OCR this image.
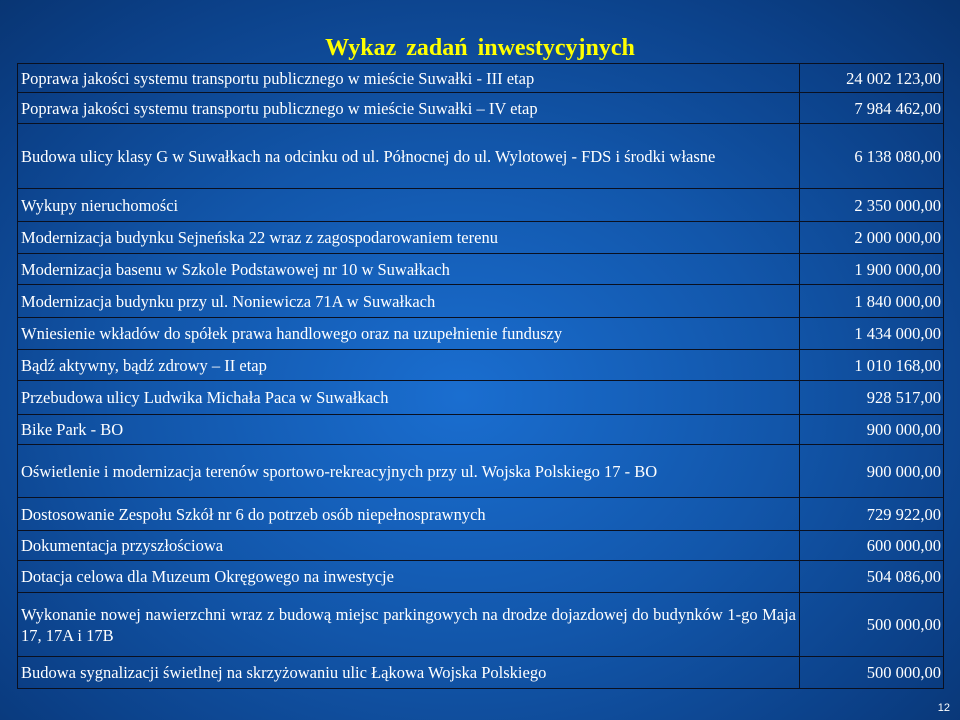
Wykaz zadań inwestycyjnych
Poprawa jakości systemu transportu publicznego w mieście Suwałki - III etap	24 002 123,00
Poprawa jakości systemu transportu publicznego w mieście Suwałki – IV etap	7 984 462,00
Budowa ulicy klasy G w Suwałkach na odcinku od ul. Północnej do ul. Wylotowej - FDS i środki własne	6 138 080,00
Wykupy nieruchomości	2 350 000,00
Modernizacja budynku Sejneńska 22 wraz z zagospodarowaniem terenu	2 000 000,00
Modernizacja basenu w Szkole Podstawowej nr 10 w Suwałkach	1 900 000,00
Modernizacja budynku przy ul. Noniewicza 71A w Suwałkach	1 840 000,00
Wniesienie wkładów do spółek prawa handlowego oraz na uzupełnienie funduszy	1 434 000,00
Bądź aktywny, bądź zdrowy – II etap	1 010 168,00
Przebudowa ulicy Ludwika Michała Paca w Suwałkach	928 517,00
Bike Park - BO	900 000,00
Oświetlenie i modernizacja terenów sportowo-rekreacyjnych przy ul. Wojska Polskiego 17 - BO	900 000,00
Dostosowanie Zespołu Szkół nr 6 do potrzeb osób niepełnosprawnych	729 922,00
Dokumentacja przyszłościowa	600 000,00
Dotacja celowa dla Muzeum Okręgowego na inwestycje	504 086,00
Wykonanie nowej nawierzchni wraz z budową miejsc parkingowych na drodze dojazdowej do budynków 1-go Maja 17, 17A i 17B	500 000,00
Budowa sygnalizacji świetlnej na skrzyżowaniu ulic Łąkowa Wojska Polskiego	500 000,00
12
